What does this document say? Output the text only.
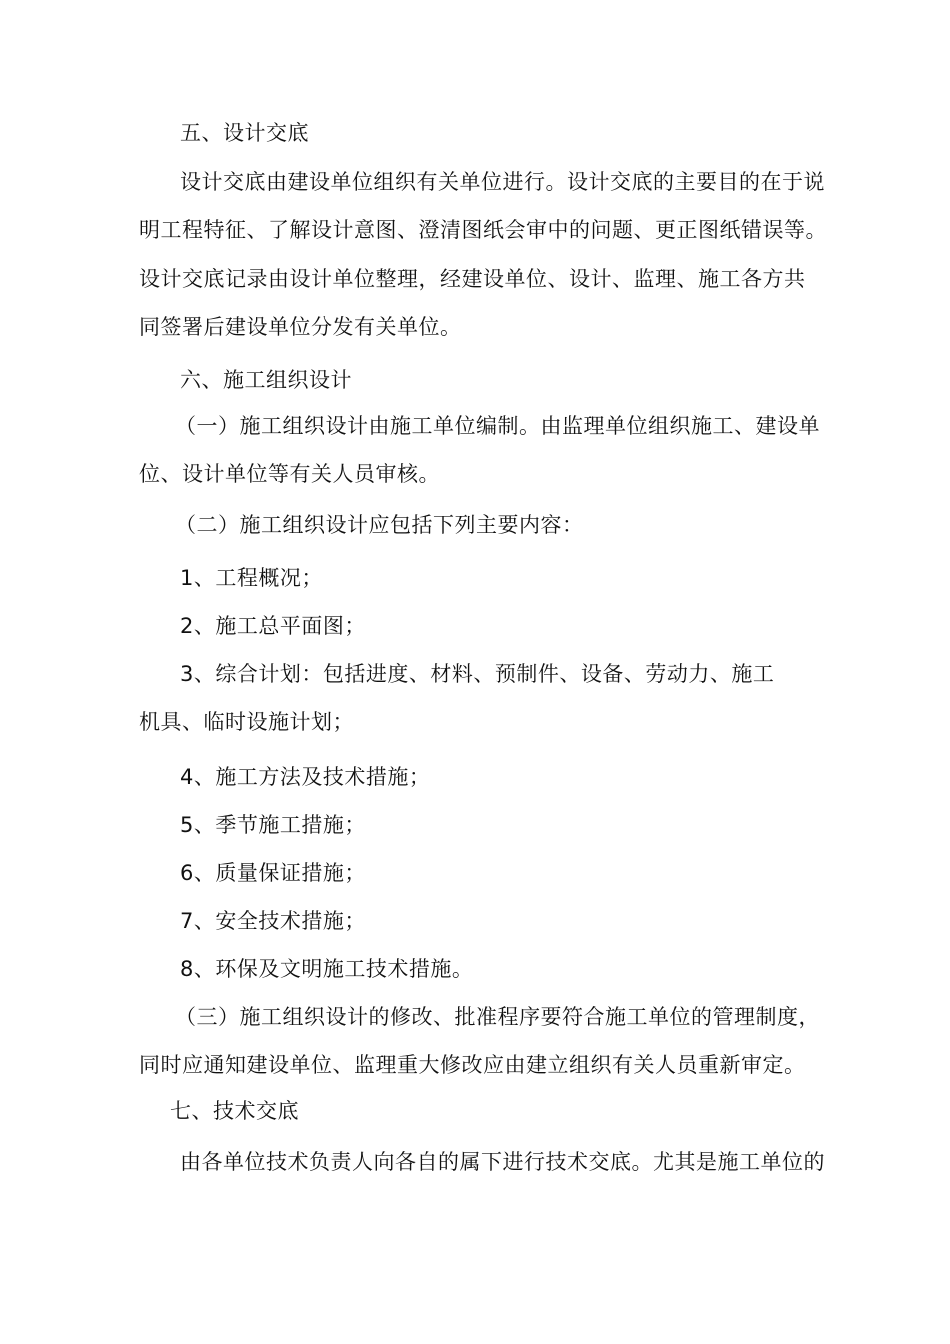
五、设计交底
设计交底由建设单位组织有关单位进行。设计交底的主要目的在于说
明工程特征、了解设计意图、澄清图纸会审中的问题、更正图纸错误等。
设计交底记录由设计单位整理，经建设单位、设计、监理、施工各方共
同签署后建设单位分发有关单位。
六、施工组织设计
（一）施工组织设计由施工单位编制。由监理单位组织施工、建设单
位、设计单位等有关人员审核。
（二）施工组织设计应包括下列主要内容：
1、工程概况；
2、施工总平面图；
3、综合计划：包括进度、材料、预制件、设备、劳动力、施工
机具、临时设施计划；
4、施工方法及技术措施；
5、季节施工措施；
6、质量保证措施；
7、安全技术措施；
8、环保及文明施工技术措施。
（三）施工组织设计的修改、批准程序要符合施工单位的管理制度，
同时应通知建设单位、监理重大修改应由建立组织有关人员重新审定。
七、技术交底
由各单位技术负责人向各自的属下进行技术交底。尤其是施工单位的
